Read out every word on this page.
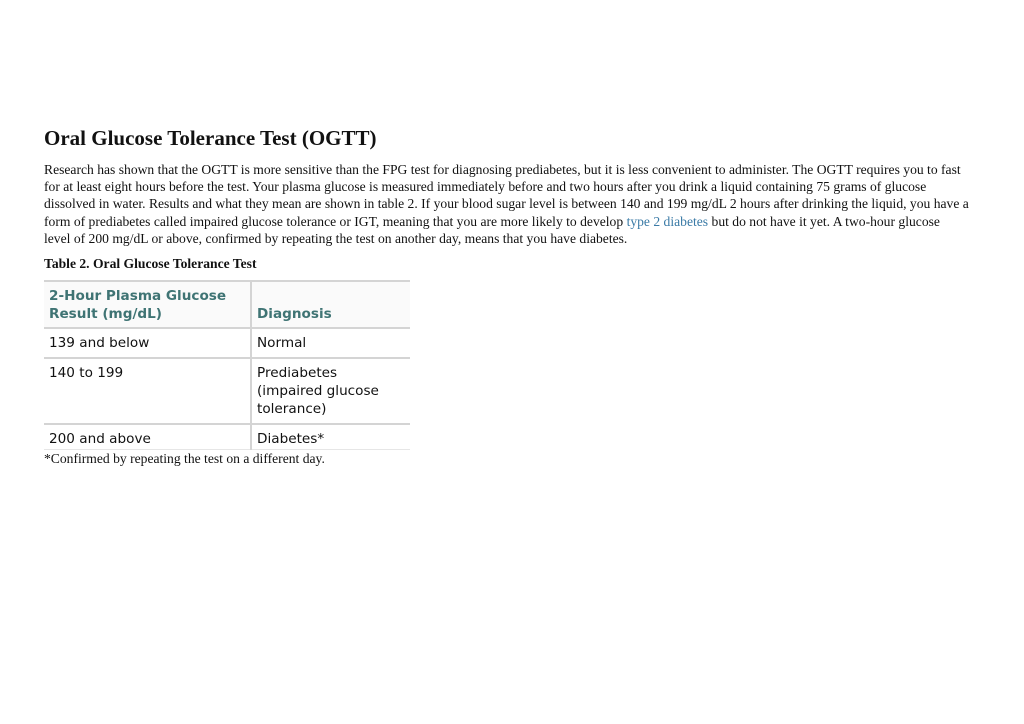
Oral Glucose Tolerance Test (OGTT)

Research has shown that the OGTT is more sensitive than the FPG test for diagnosing prediabetes, but it is less convenient to administer. The OGTT requires you to fast for at least eight hours before the test. Your plasma glucose is measured immediately before and two hours after you drink a liquid containing 75 grams of glucose dissolved in water. Results and what they mean are shown in table 2. If your blood sugar level is between 140 and 199 mg/dL 2 hours after drinking the liquid, you have a form of prediabetes called impaired glucose tolerance or IGT, meaning that you are more likely to develop type 2 diabetes but do not have it yet. A two-hour glucose level of 200 mg/dL or above, confirmed by repeating the test on another day, means that you have diabetes.

Table 2. Oral Glucose Tolerance Test

2-Hour Plasma Glucose Result (mg/dL)	Diagnosis
139 and below	Normal
140 to 199	Prediabetes (impaired glucose tolerance)
200 and above	Diabetes*

*Confirmed by repeating the test on a different day.
